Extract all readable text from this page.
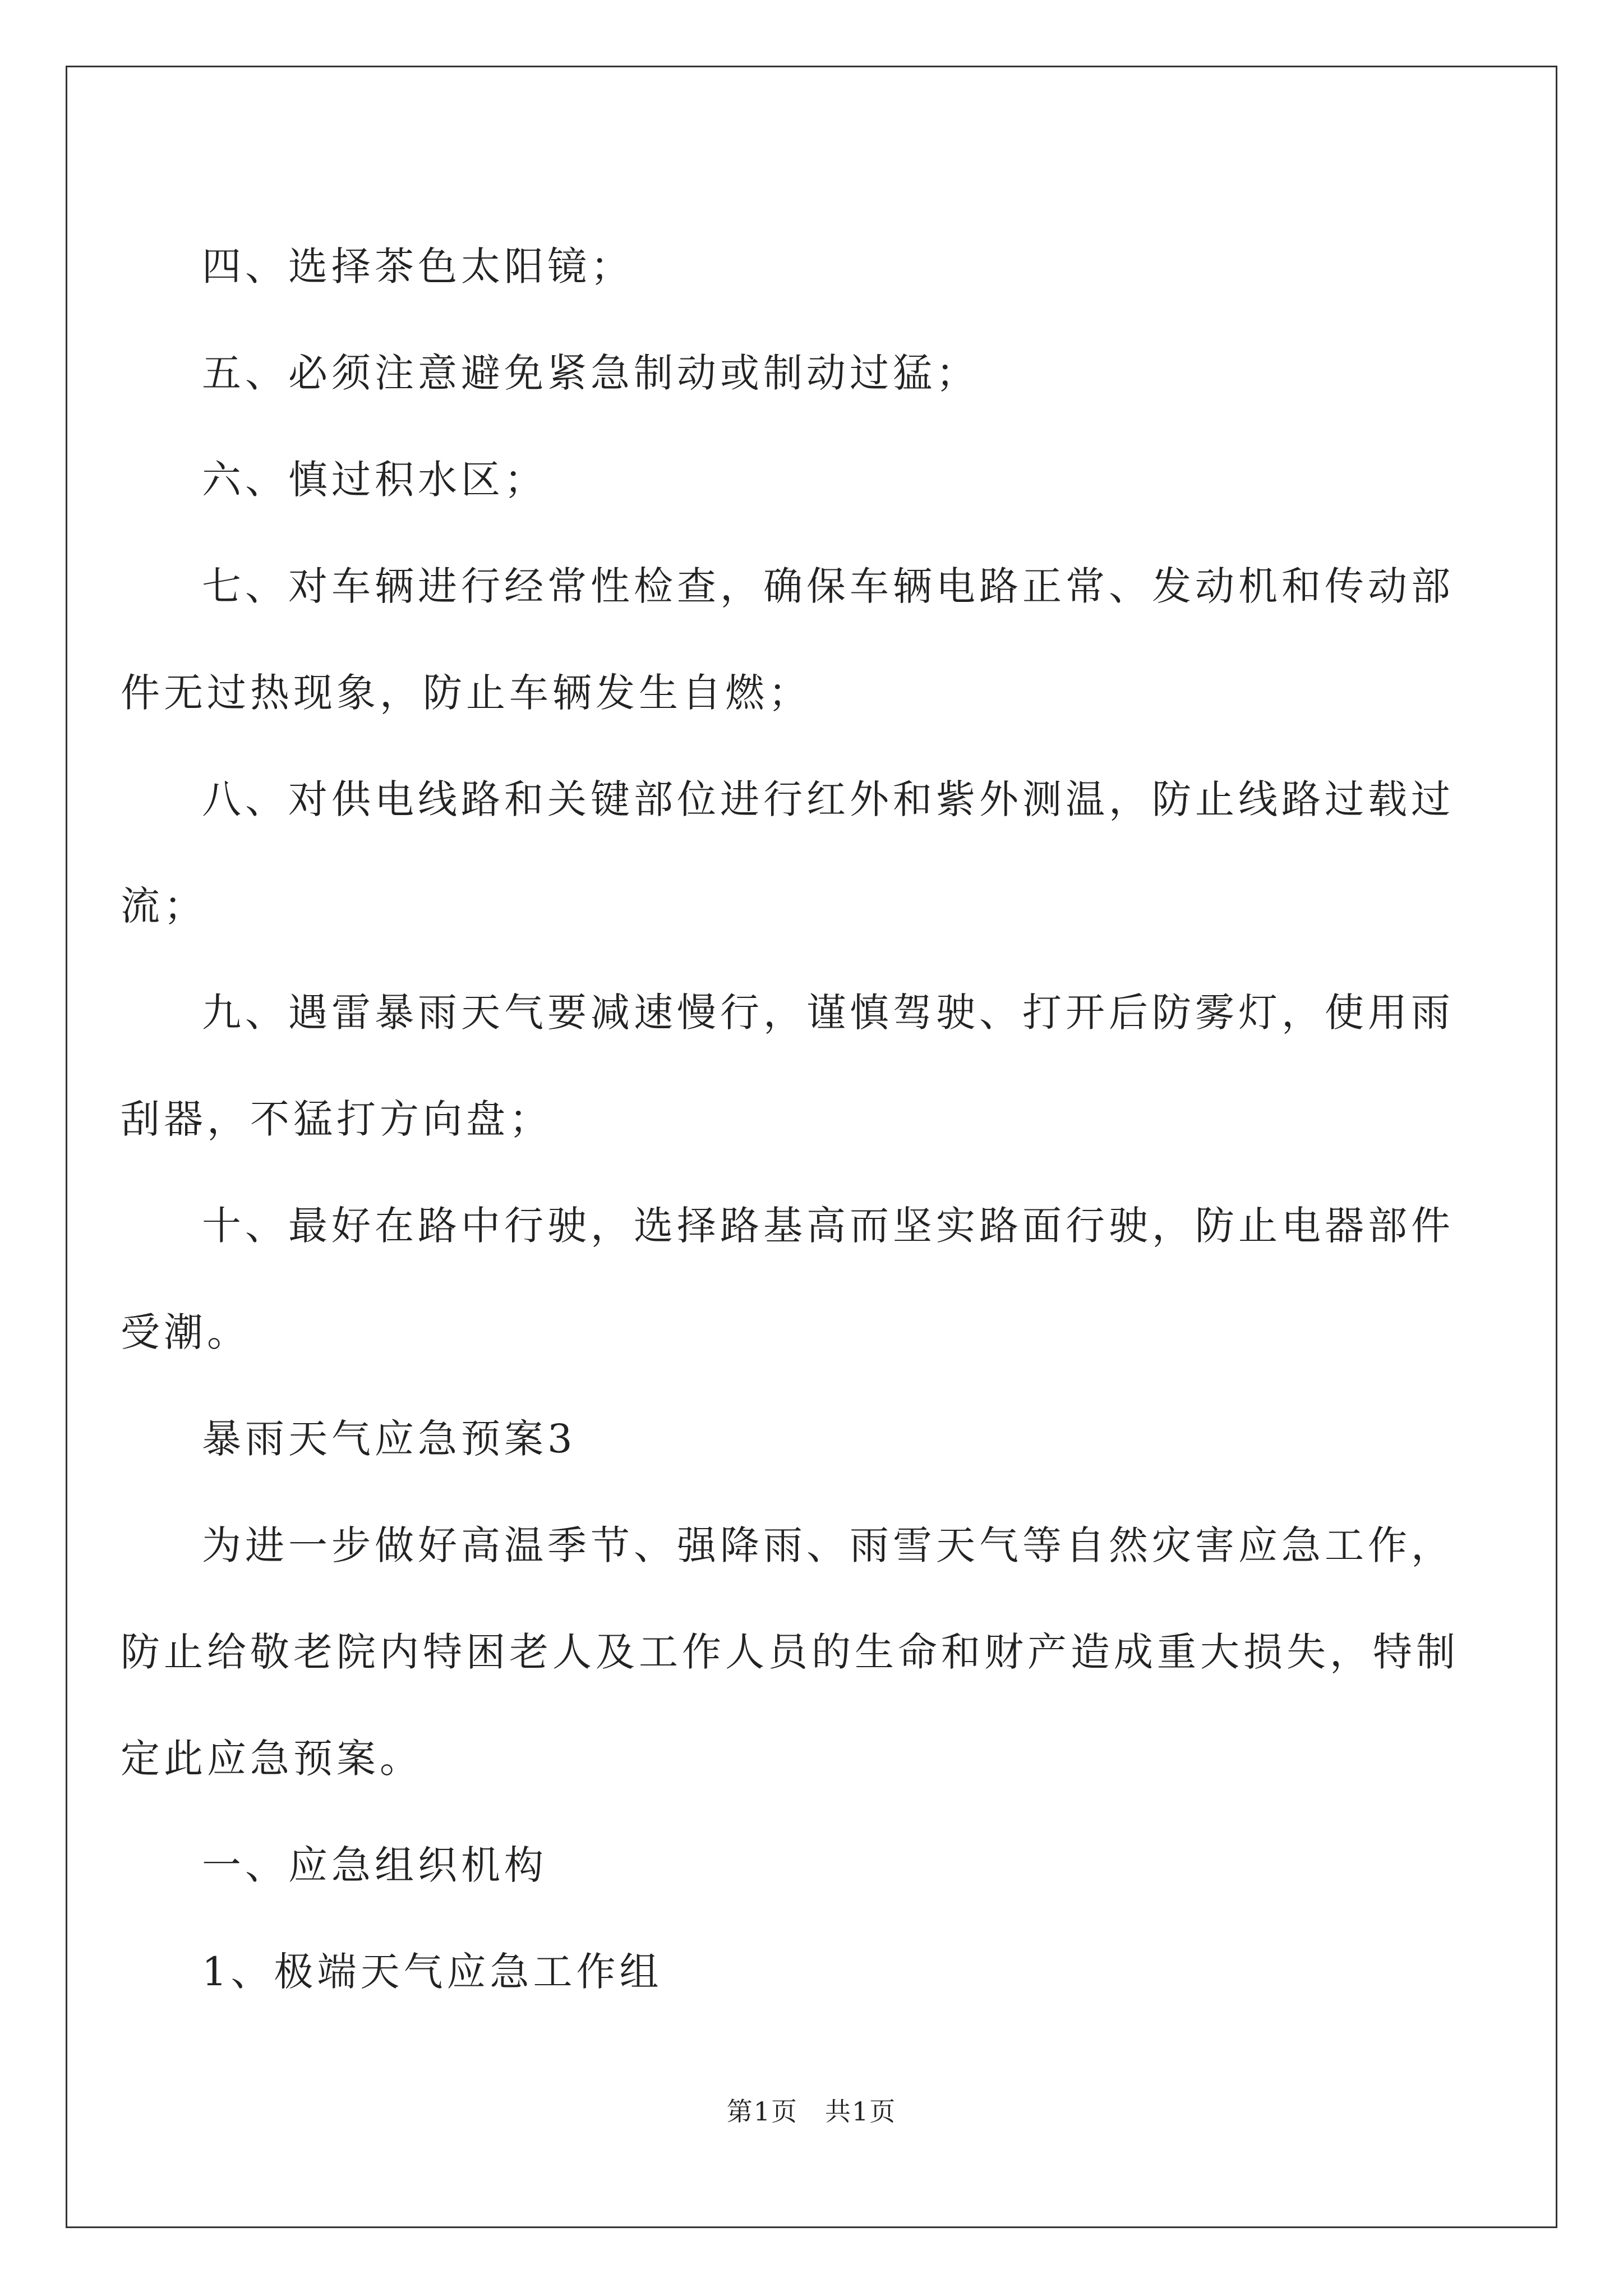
四、选择茶色太阳镜；

五、必须注意避免紧急制动或制动过猛；

六、慎过积水区；

七、对车辆进行经常性检查，确保车辆电路正常、发动机和传动部件无过热现象，防止车辆发生自燃；

八、对供电线路和关键部位进行红外和紫外测温，防止线路过载过流；

九、遇雷暴雨天气要减速慢行，谨慎驾驶、打开后防雾灯，使用雨刮器，不猛打方向盘；

十、最好在路中行驶，选择路基高而坚实路面行驶，防止电器部件受潮。

暴雨天气应急预案3

为进一步做好高温季节、强降雨、雨雪天气等自然灾害应急工作，防止给敬老院内特困老人及工作人员的生命和财产造成重大损失，特制定此应急预案。

一、应急组织机构

1、极端天气应急工作组

第1页　共1页
